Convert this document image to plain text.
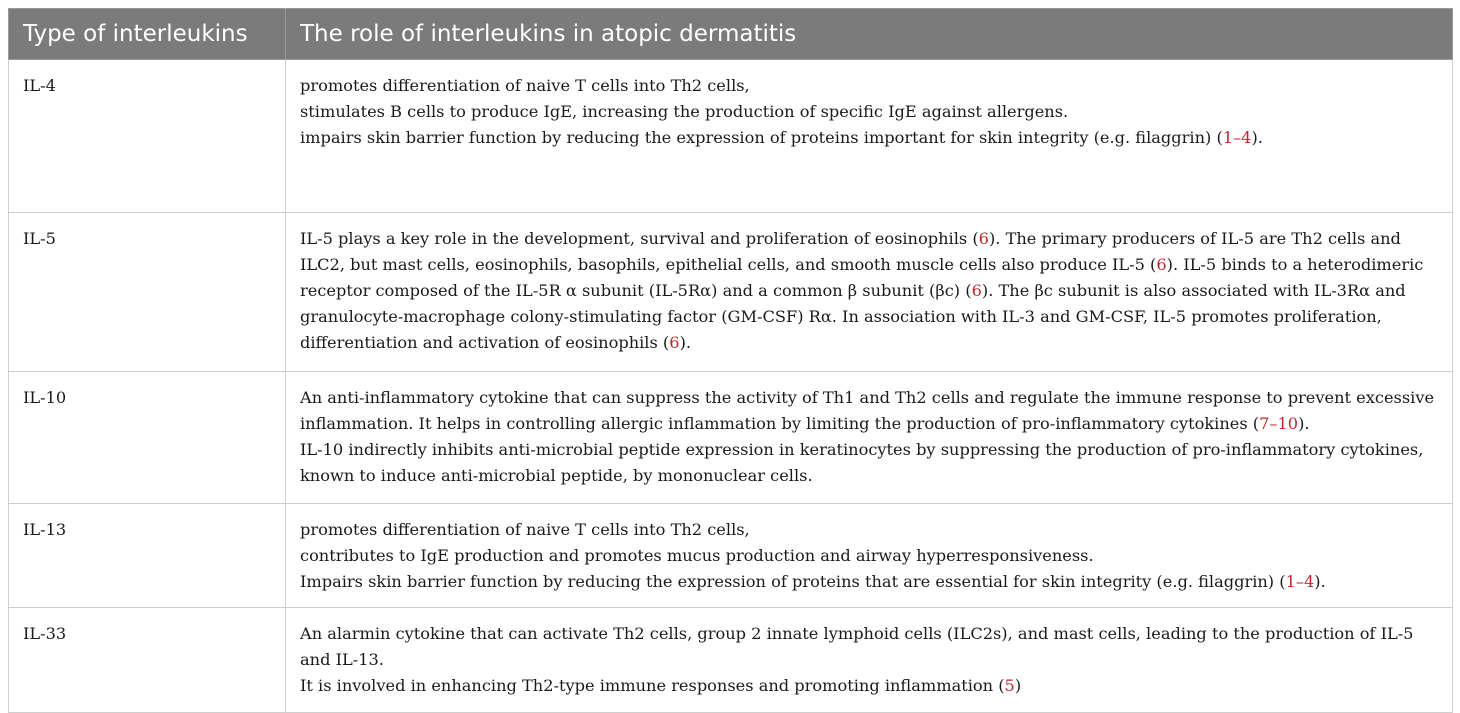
Type of interleukins	The role of interleukins in atopic dermatitis
IL-4	promotes differentiation of naive T cells into Th2 cells,
stimulates B cells to produce IgE, increasing the production of specific IgE against allergens.
impairs skin barrier function by reducing the expression of proteins important for skin integrity (e.g. filaggrin) (1–4).

IL-5	IL-5 plays a key role in the development, survival and proliferation of eosinophils (6). The primary producers of IL-5 are Th2 cells and ILC2, but mast cells, eosinophils, basophils, epithelial cells, and smooth muscle cells also produce IL-5 (6). IL-5 binds to a heterodimeric receptor composed of the IL-5R α subunit (IL-5Rα) and a common β subunit (βc) (6). The βc subunit is also associated with IL-3Rα and granulocyte-macrophage colony-stimulating factor (GM-CSF) Rα. In association with IL-3 and GM-CSF, IL-5 promotes proliferation, differentiation and activation of eosinophils (6).
IL-10	An anti-inflammatory cytokine that can suppress the activity of Th1 and Th2 cells and regulate the immune response to prevent excessive inflammation. It helps in controlling allergic inflammation by limiting the production of pro-inflammatory cytokines (7–10).
IL-10 indirectly inhibits anti-microbial peptide expression in keratinocytes by suppressing the production of pro-inflammatory cytokines, known to induce anti-microbial peptide, by mononuclear cells.
IL-13	promotes differentiation of naive T cells into Th2 cells,
contributes to IgE production and promotes mucus production and airway hyperresponsiveness.
Impairs skin barrier function by reducing the expression of proteins that are essential for skin integrity (e.g. filaggrin) (1–4).

IL-33	An alarmin cytokine that can activate Th2 cells, group 2 innate lymphoid cells (ILC2s), and mast cells, leading to the production of IL-5 and IL-13.
It is involved in enhancing Th2-type immune responses and promoting inflammation (5)
